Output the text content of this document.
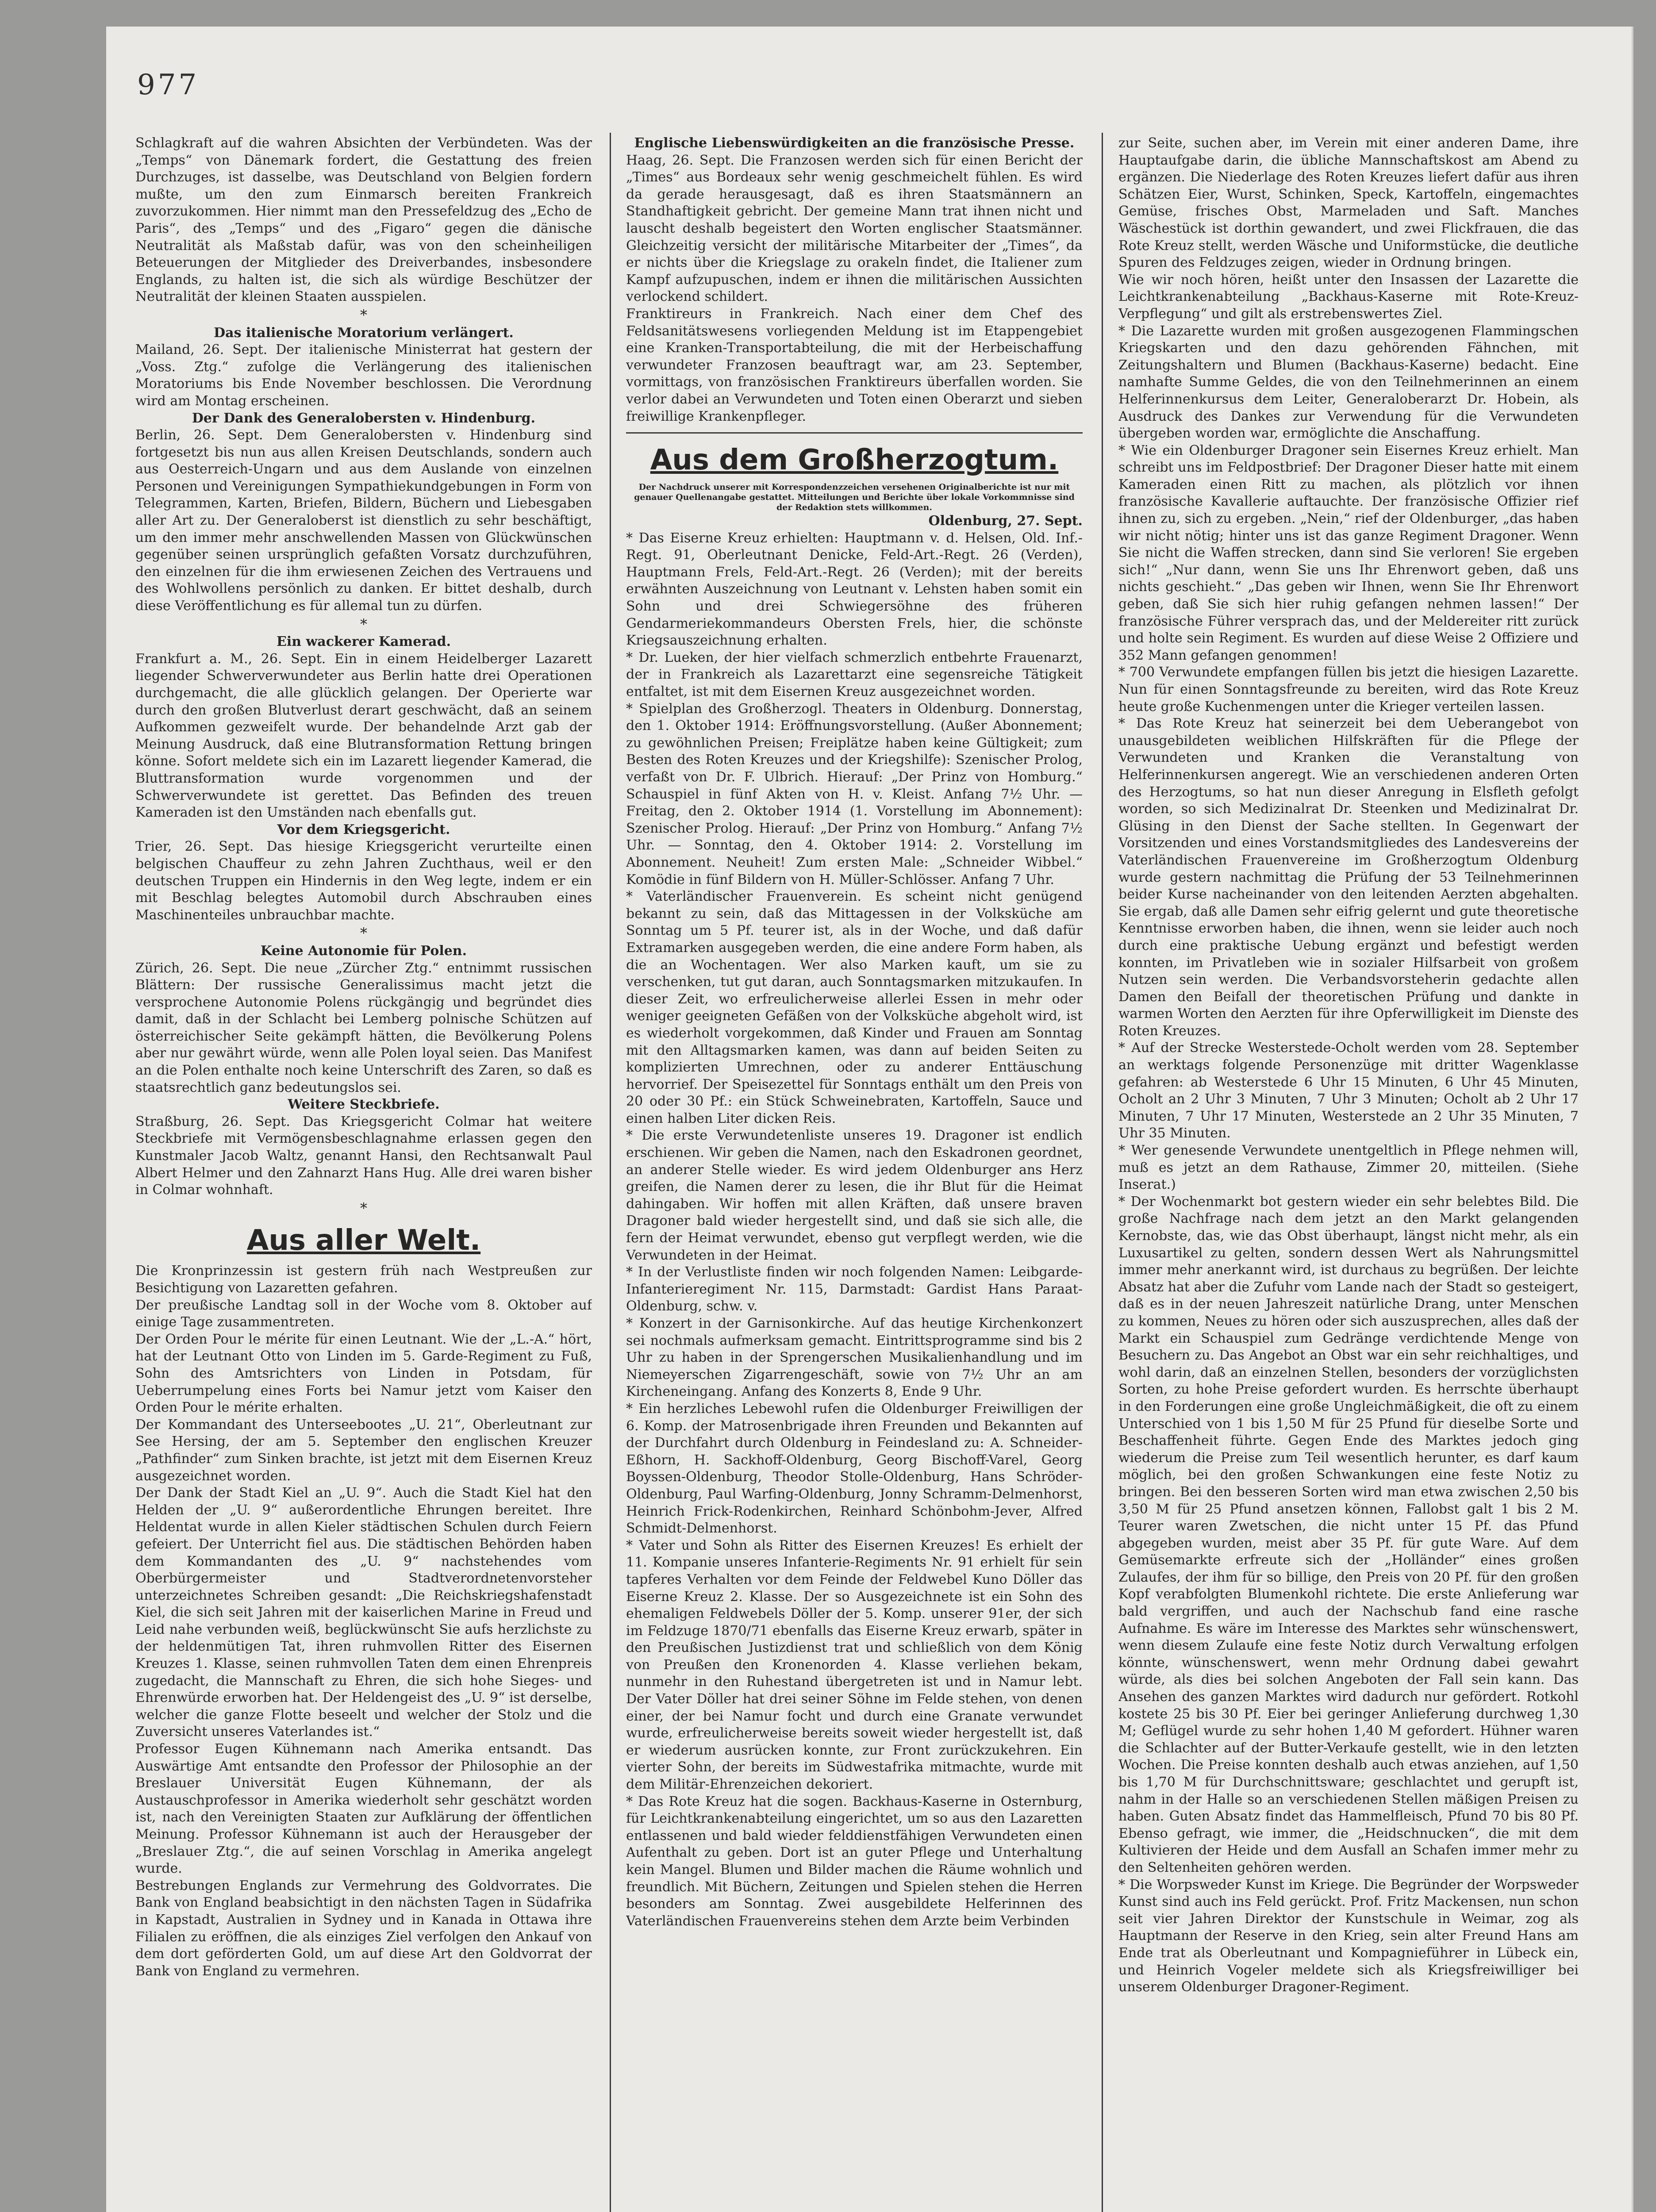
977

Schlagkraft auf die wahren Absichten der Verbündeten. Was der „Temps“ von Dänemark fordert, die Gestattung des freien Durchzuges, ist dasselbe, was Deutschland von Belgien fordern mußte, um den zum Einmarsch bereiten Frankreich zuvorzukommen. Hier nimmt man den Pressefeldzug des „Echo de Paris“, des „Temps“ und des „Figaro“ gegen die dänische Neutralität als Maßstab dafür, was von den scheinheiligen Beteuerungen der Mitglieder des Dreiverbandes, insbesondere Englands, zu halten ist, die sich als würdige Beschützer der Neutralität der kleinen Staaten ausspielen.

*

Das italienische Moratorium verlängert.

Mailand, 26. Sept. Der italienische Ministerrat hat gestern der „Voss. Ztg.“ zufolge die Verlängerung des italienischen Moratoriums bis Ende November beschlossen. Die Verordnung wird am Montag erscheinen.

Der Dank des Generalobersten v. Hindenburg.

Berlin, 26. Sept. Dem Generalobersten v. Hindenburg sind fortgesetzt bis nun aus allen Kreisen Deutschlands, sondern auch aus Oesterreich-Ungarn und aus dem Auslande von einzelnen Personen und Vereinigungen Sympathiekundgebungen in Form von Telegrammen, Karten, Briefen, Bildern, Büchern und Liebesgaben aller Art zu. Der Generaloberst ist dienstlich zu sehr beschäftigt, um den immer mehr anschwellenden Massen von Glückwünschen gegenüber seinen ursprünglich gefaßten Vorsatz durchzuführen, den einzelnen für die ihm erwiesenen Zeichen des Vertrauens und des Wohlwollens persönlich zu danken. Er bittet deshalb, durch diese Veröffentlichung es für allemal tun zu dürfen.

*

Ein wackerer Kamerad.

Frankfurt a. M., 26. Sept. Ein in einem Heidelberger Lazarett liegender Schwerverwundeter aus Berlin hatte drei Operationen durchgemacht, die alle glücklich gelangen. Der Operierte war durch den großen Blutverlust derart geschwächt, daß an seinem Aufkommen gezweifelt wurde. Der behandelnde Arzt gab der Meinung Ausdruck, daß eine Blutransformation Rettung bringen könne. Sofort meldete sich ein im Lazarett liegender Kamerad, die Bluttransformation wurde vorgenommen und der Schwerverwundete ist gerettet. Das Befinden des treuen Kameraden ist den Umständen nach ebenfalls gut.

Vor dem Kriegsgericht.

Trier, 26. Sept. Das hiesige Kriegsgericht verurteilte einen belgischen Chauffeur zu zehn Jahren Zuchthaus, weil er den deutschen Truppen ein Hindernis in den Weg legte, indem er ein mit Beschlag belegtes Automobil durch Abschrauben eines Maschinenteiles unbrauchbar machte.

*

Keine Autonomie für Polen.

Zürich, 26. Sept. Die neue „Zürcher Ztg.“ entnimmt russischen Blättern: Der russische Generalissimus macht jetzt die versprochene Autonomie Polens rückgängig und begründet dies damit, daß in der Schlacht bei Lemberg polnische Schützen auf österreichischer Seite gekämpft hätten, die Bevölkerung Polens aber nur gewährt würde, wenn alle Polen loyal seien. Das Manifest an die Polen enthalte noch keine Unterschrift des Zaren, so daß es staatsrechtlich ganz bedeutungslos sei.

Weitere Steckbriefe.

Straßburg, 26. Sept. Das Kriegsgericht Colmar hat weitere Steckbriefe mit Vermögensbeschlagnahme erlassen gegen den Kunstmaler Jacob Waltz, genannt Hansi, den Rechtsanwalt Paul Albert Helmer und den Zahnarzt Hans Hug. Alle drei waren bisher in Colmar wohnhaft.

*
Aus aller Welt.

Die Kronprinzessin ist gestern früh nach Westpreußen zur Besichtigung von Lazaretten gefahren.

Der preußische Landtag soll in der Woche vom 8. Oktober auf einige Tage zusammentreten.

Der Orden Pour le mérite für einen Leutnant. Wie der „L.-A.“ hört, hat der Leutnant Otto von Linden im 5. Garde-Regiment zu Fuß, Sohn des Amtsrichters von Linden in Potsdam, für Ueberrumpelung eines Forts bei Namur jetzt vom Kaiser den Orden Pour le mérite erhalten.

Der Kommandant des Unterseebootes „U. 21“, Oberleutnant zur See Hersing, der am 5. September den englischen Kreuzer „Pathfinder“ zum Sinken brachte, ist jetzt mit dem Eisernen Kreuz ausgezeichnet worden.

Der Dank der Stadt Kiel an „U. 9“. Auch die Stadt Kiel hat den Helden der „U. 9“ außerordentliche Ehrungen bereitet. Ihre Heldentat wurde in allen Kieler städtischen Schulen durch Feiern gefeiert. Der Unterricht fiel aus. Die städtischen Behörden haben dem Kommandanten des „U. 9“ nachstehendes vom Oberbürgermeister und Stadtverordnetenvorsteher unterzeichnetes Schreiben gesandt: „Die Reichskriegshafenstadt Kiel, die sich seit Jahren mit der kaiserlichen Marine in Freud und Leid nahe verbunden weiß, beglückwünscht Sie aufs herzlichste zu der heldenmütigen Tat, ihren ruhmvollen Ritter des Eisernen Kreuzes 1. Klasse, seinen ruhmvollen Taten dem einen Ehrenpreis zugedacht, die Mannschaft zu Ehren, die sich hohe Sieges- und Ehrenwürde erworben hat. Der Heldengeist des „U. 9“ ist derselbe, welcher die ganze Flotte beseelt und welcher der Stolz und die Zuversicht unseres Vaterlandes ist.“

Professor Eugen Kühnemann nach Amerika entsandt. Das Auswärtige Amt entsandte den Professor der Philosophie an der Breslauer Universität Eugen Kühnemann, der als Austauschprofessor in Amerika wiederholt sehr geschätzt worden ist, nach den Vereinigten Staaten zur Aufklärung der öffentlichen Meinung. Professor Kühnemann ist auch der Herausgeber der „Breslauer Ztg.“, die auf seinen Vorschlag in Amerika angelegt wurde.

Bestrebungen Englands zur Vermehrung des Goldvorrates. Die Bank von England beabsichtigt in den nächsten Tagen in Südafrika in Kapstadt, Australien in Sydney und in Kanada in Ottawa ihre Filialen zu eröffnen, die als einziges Ziel verfolgen den Ankauf von dem dort geförderten Gold, um auf diese Art den Goldvorrat der Bank von England zu vermehren.

Englische Liebenswürdigkeiten an die französische Presse.

Haag, 26. Sept. Die Franzosen werden sich für einen Bericht der „Times“ aus Bordeaux sehr wenig geschmeichelt fühlen. Es wird da gerade herausgesagt, daß es ihren Staatsmännern an Standhaftigkeit gebricht. Der gemeine Mann trat ihnen nicht und lauscht deshalb begeistert den Worten englischer Staatsmänner. Gleichzeitig versicht der militärische Mitarbeiter der „Times“, da er nichts über die Kriegslage zu orakeln findet, die Italiener zum Kampf aufzupuschen, indem er ihnen die militärischen Aussichten verlockend schildert.

Franktireurs in Frankreich. Nach einer dem Chef des Feldsanitätswesens vorliegenden Meldung ist im Etappengebiet eine Kranken-Transportabteilung, die mit der Herbeischaffung verwundeter Franzosen beauftragt war, am 23. September, vormittags, von französischen Franktireurs überfallen worden. Sie verlor dabei an Verwundeten und Toten einen Oberarzt und sieben freiwillige Krankenpfleger.

Aus dem Großherzogtum.

Der Nachdruck unserer mit Korrespondenzzeichen versehenen Originalberichte ist nur mit genauer Quellenangabe gestattet. Mitteilungen und Berichte über lokale Vorkommnisse sind der Redaktion stets willkommen.

Oldenburg, 27. Sept.

* Das Eiserne Kreuz erhielten: Hauptmann v. d. Helsen, Old. Inf.-Regt. 91, Oberleutnant Denicke, Feld-Art.-Regt. 26 (Verden), Hauptmann Frels, Feld-Art.-Regt. 26 (Verden); mit der bereits erwähnten Auszeichnung von Leutnant v. Lehsten haben somit ein Sohn und drei Schwiegersöhne des früheren Gendarmeriekommandeurs Obersten Frels, hier, die schönste Kriegsauszeichnung erhalten.

* Dr. Lueken, der hier vielfach schmerzlich entbehrte Frauenarzt, der in Frankreich als Lazarettarzt eine segensreiche Tätigkeit entfaltet, ist mit dem Eisernen Kreuz ausgezeichnet worden.

* Spielplan des Großherzogl. Theaters in Oldenburg. Donnerstag, den 1. Oktober 1914: Eröffnungsvorstellung. (Außer Abonnement; zu gewöhnlichen Preisen; Freiplätze haben keine Gültigkeit; zum Besten des Roten Kreuzes und der Kriegshilfe): Szenischer Prolog, verfaßt von Dr. F. Ulbrich. Hierauf: „Der Prinz von Homburg.“ Schauspiel in fünf Akten von H. v. Kleist. Anfang 7½ Uhr. — Freitag, den 2. Oktober 1914 (1. Vorstellung im Abonnement): Szenischer Prolog. Hierauf: „Der Prinz von Homburg.“ Anfang 7½ Uhr. — Sonntag, den 4. Oktober 1914: 2. Vorstellung im Abonnement. Neuheit! Zum ersten Male: „Schneider Wibbel.“ Komödie in fünf Bildern von H. Müller-Schlösser. Anfang 7 Uhr.

* Vaterländischer Frauenverein. Es scheint nicht genügend bekannt zu sein, daß das Mittagessen in der Volksküche am Sonntag um 5 Pf. teurer ist, als in der Woche, und daß dafür Extramarken ausgegeben werden, die eine andere Form haben, als die an Wochentagen. Wer also Marken kauft, um sie zu verschenken, tut gut daran, auch Sonntagsmarken mitzukaufen. In dieser Zeit, wo erfreulicherweise allerlei Essen in mehr oder weniger geeigneten Gefäßen von der Volksküche abgeholt wird, ist es wiederholt vorgekommen, daß Kinder und Frauen am Sonntag mit den Alltagsmarken kamen, was dann auf beiden Seiten zu komplizierten Umrechnen, oder zu anderer Enttäuschung hervorrief. Der Speisezettel für Sonntags enthält um den Preis von 20 oder 30 Pf.: ein Stück Schweinebraten, Kartoffeln, Sauce und einen halben Liter dicken Reis.

* Die erste Verwundetenliste unseres 19. Dragoner ist endlich erschienen. Wir geben die Namen, nach den Eskadronen geordnet, an anderer Stelle wieder. Es wird jedem Oldenburger ans Herz greifen, die Namen derer zu lesen, die ihr Blut für die Heimat dahingaben. Wir hoffen mit allen Kräften, daß unsere braven Dragoner bald wieder hergestellt sind, und daß sie sich alle, die fern der Heimat verwundet, ebenso gut verpflegt werden, wie die Verwundeten in der Heimat.

* In der Verlustliste finden wir noch folgenden Namen: Leibgarde-Infanterieregiment Nr. 115, Darmstadt: Gardist Hans Paraat-Oldenburg, schw. v.

* Konzert in der Garnisonkirche. Auf das heutige Kirchenkonzert sei nochmals aufmerksam gemacht. Eintrittsprogramme sind bis 2 Uhr zu haben in der Sprengerschen Musikalienhandlung und im Niemeyerschen Zigarrengeschäft, sowie von 7½ Uhr an am Kircheneingang. Anfang des Konzerts 8, Ende 9 Uhr.

* Ein herzliches Lebewohl rufen die Oldenburger Freiwilligen der 6. Komp. der Matrosenbrigade ihren Freunden und Bekannten auf der Durchfahrt durch Oldenburg in Feindesland zu: A. Schneider-Eßhorn, H. Sackhoff-Oldenburg, Georg Bischoff-Varel, Georg Boyssen-Oldenburg, Theodor Stolle-Oldenburg, Hans Schröder-Oldenburg, Paul Warfing-Oldenburg, Jonny Schramm-Delmenhorst, Heinrich Frick-Rodenkirchen, Reinhard Schönbohm-Jever, Alfred Schmidt-Delmenhorst.

* Vater und Sohn als Ritter des Eisernen Kreuzes! Es erhielt der 11. Kompanie unseres Infanterie-Regiments Nr. 91 erhielt für sein tapferes Verhalten vor dem Feinde der Feldwebel Kuno Döller das Eiserne Kreuz 2. Klasse. Der so Ausgezeichnete ist ein Sohn des ehemaligen Feldwebels Döller der 5. Komp. unserer 91er, der sich im Feldzuge 1870/71 ebenfalls das Eiserne Kreuz erwarb, später in den Preußischen Justizdienst trat und schließlich von dem König von Preußen den Kronenorden 4. Klasse verliehen bekam, nunmehr in den Ruhestand übergetreten ist und in Namur lebt. Der Vater Döller hat drei seiner Söhne im Felde stehen, von denen einer, der bei Namur focht und durch eine Granate verwundet wurde, erfreulicherweise bereits soweit wieder hergestellt ist, daß er wiederum ausrücken konnte, zur Front zurückzukehren. Ein vierter Sohn, der bereits im Südwestafrika mitmachte, wurde mit dem Militär-Ehrenzeichen dekoriert.

* Das Rote Kreuz hat die sogen. Backhaus-Kaserne in Osternburg, für Leichtkrankenabteilung eingerichtet, um so aus den Lazaretten entlassenen und bald wieder felddienstfähigen Verwundeten einen Aufenthalt zu geben. Dort ist an guter Pflege und Unterhaltung kein Mangel. Blumen und Bilder machen die Räume wohnlich und freundlich. Mit Büchern, Zeitungen und Spielen stehen die Herren besonders am Sonntag. Zwei ausgebildete Helferinnen des Vaterländischen Frauenvereins stehen dem Arzte beim Verbinden

zur Seite, suchen aber, im Verein mit einer anderen Dame, ihre Hauptaufgabe darin, die übliche Mannschaftskost am Abend zu ergänzen. Die Niederlage des Roten Kreuzes liefert dafür aus ihren Schätzen Eier, Wurst, Schinken, Speck, Kartoffeln, eingemachtes Gemüse, frisches Obst, Marmeladen und Saft. Manches Wäschestück ist dorthin gewandert, und zwei Flickfrauen, die das Rote Kreuz stellt, werden Wäsche und Uniformstücke, die deutliche Spuren des Feldzuges zeigen, wieder in Ordnung bringen.

Wie wir noch hören, heißt unter den Insassen der Lazarette die Leichtkrankenabteilung „Backhaus-Kaserne mit Rote-Kreuz-Verpflegung“ und gilt als erstrebenswertes Ziel.

* Die Lazarette wurden mit großen ausgezogenen Flammingschen Kriegskarten und den dazu gehörenden Fähnchen, mit Zeitungshaltern und Blumen (Backhaus-Kaserne) bedacht. Eine namhafte Summe Geldes, die von den Teilnehmerinnen an einem Helferinnenkursus dem Leiter, Generaloberarzt Dr. Hobein, als Ausdruck des Dankes zur Verwendung für die Verwundeten übergeben worden war, ermöglichte die Anschaffung.

* Wie ein Oldenburger Dragoner sein Eisernes Kreuz erhielt. Man schreibt uns im Feldpostbrief: Der Dragoner Dieser hatte mit einem Kameraden einen Ritt zu machen, als plötzlich vor ihnen französische Kavallerie auftauchte. Der französische Offizier rief ihnen zu, sich zu ergeben. „Nein,“ rief der Oldenburger, „das haben wir nicht nötig; hinter uns ist das ganze Regiment Dragoner. Wenn Sie nicht die Waffen strecken, dann sind Sie verloren! Sie ergeben sich!“ „Nur dann, wenn Sie uns Ihr Ehrenwort geben, daß uns nichts geschieht.“ „Das geben wir Ihnen, wenn Sie Ihr Ehrenwort geben, daß Sie sich hier ruhig gefangen nehmen lassen!“ Der französische Führer versprach das, und der Meldereiter ritt zurück und holte sein Regiment. Es wurden auf diese Weise 2 Offiziere und 352 Mann gefangen genommen!

* 700 Verwundete empfangen füllen bis jetzt die hiesigen Lazarette. Nun für einen Sonntagsfreunde zu bereiten, wird das Rote Kreuz heute große Kuchenmengen unter die Krieger verteilen lassen.

* Das Rote Kreuz hat seinerzeit bei dem Ueberangebot von unausgebildeten weiblichen Hilfskräften für die Pflege der Verwundeten und Kranken die Veranstaltung von Helferinnenkursen angeregt. Wie an verschiedenen anderen Orten des Herzogtums, so hat nun dieser Anregung in Elsfleth gefolgt worden, so sich Medizinalrat Dr. Steenken und Medizinalrat Dr. Glüsing in den Dienst der Sache stellten. In Gegenwart der Vorsitzenden und eines Vorstandsmitgliedes des Landesvereins der Vaterländischen Frauenvereine im Großherzogtum Oldenburg wurde gestern nachmittag die Prüfung der 53 Teilnehmerinnen beider Kurse nacheinander von den leitenden Aerzten abgehalten. Sie ergab, daß alle Damen sehr eifrig gelernt und gute theoretische Kenntnisse erworben haben, die ihnen, wenn sie leider auch noch durch eine praktische Uebung ergänzt und befestigt werden konnten, im Privatleben wie in sozialer Hilfsarbeit von großem Nutzen sein werden. Die Verbandsvorsteherin gedachte allen Damen den Beifall der theoretischen Prüfung und dankte in warmen Worten den Aerzten für ihre Opferwilligkeit im Dienste des Roten Kreuzes.

* Auf der Strecke Westerstede-Ocholt werden vom 28. September an werktags folgende Personenzüge mit dritter Wagenklasse gefahren: ab Westerstede 6 Uhr 15 Minuten, 6 Uhr 45 Minuten, Ocholt an 2 Uhr 3 Minuten, 7 Uhr 3 Minuten; Ocholt ab 2 Uhr 17 Minuten, 7 Uhr 17 Minuten, Westerstede an 2 Uhr 35 Minuten, 7 Uhr 35 Minuten.

* Wer genesende Verwundete unentgeltlich in Pflege nehmen will, muß es jetzt an dem Rathause, Zimmer 20, mitteilen. (Siehe Inserat.)

* Der Wochenmarkt bot gestern wieder ein sehr belebtes Bild. Die große Nachfrage nach dem jetzt an den Markt gelangenden Kernobste, das, wie das Obst überhaupt, längst nicht mehr, als ein Luxusartikel zu gelten, sondern dessen Wert als Nahrungsmittel immer mehr anerkannt wird, ist durchaus zu begrüßen. Der leichte Absatz hat aber die Zufuhr vom Lande nach der Stadt so gesteigert, daß es in der neuen Jahreszeit natürliche Drang, unter Menschen zu kommen, Neues zu hören oder sich auszusprechen, alles daß der Markt ein Schauspiel zum Gedränge verdichtende Menge von Besuchern zu. Das Angebot an Obst war ein sehr reichhaltiges, und wohl darin, daß an einzelnen Stellen, besonders der vorzüglichsten Sorten, zu hohe Preise gefordert wurden. Es herrschte überhaupt in den Forderungen eine große Ungleichmäßigkeit, die oft zu einem Unterschied von 1 bis 1,50 M für 25 Pfund für dieselbe Sorte und Beschaffenheit führte. Gegen Ende des Marktes jedoch ging wiederum die Preise zum Teil wesentlich herunter, es darf kaum möglich, bei den großen Schwankungen eine feste Notiz zu bringen. Bei den besseren Sorten wird man etwa zwischen 2,50 bis 3,50 M für 25 Pfund ansetzen können, Fallobst galt 1 bis 2 M. Teurer waren Zwetschen, die nicht unter 15 Pf. das Pfund abgegeben wurden, meist aber 35 Pf. für gute Ware. Auf dem Gemüsemarkte erfreute sich der „Holländer“ eines großen Zulaufes, der ihm für so billige, den Preis von 20 Pf. für den großen Kopf verabfolgten Blumenkohl richtete. Die erste Anlieferung war bald vergriffen, und auch der Nachschub fand eine rasche Aufnahme. Es wäre im Interesse des Marktes sehr wünschenswert, wenn diesem Zulaufe eine feste Notiz durch Verwaltung erfolgen könnte, wünschenswert, wenn mehr Ordnung dabei gewahrt würde, als dies bei solchen Angeboten der Fall sein kann. Das Ansehen des ganzen Marktes wird dadurch nur gefördert. Rotkohl kostete 25 bis 30 Pf. Eier bei geringer Anlieferung durchweg 1,30 M; Geflügel wurde zu sehr hohen 1,40 M gefordert. Hühner waren die Schlachter auf der Butter-Verkaufe gestellt, wie in den letzten Wochen. Die Preise konnten deshalb auch etwas anziehen, auf 1,50 bis 1,70 M für Durchschnittsware; geschlachtet und gerupft ist, nahm in der Halle so an verschiedenen Stellen mäßigen Preisen zu haben. Guten Absatz findet das Hammelfleisch, Pfund 70 bis 80 Pf. Ebenso gefragt, wie immer, die „Heidschnucken“, die mit dem Kultivieren der Heide und dem Ausfall an Schafen immer mehr zu den Seltenheiten gehören werden.

* Die Worpsweder Kunst im Kriege. Die Begründer der Worpsweder Kunst sind auch ins Feld gerückt. Prof. Fritz Mackensen, nun schon seit vier Jahren Direktor der Kunstschule in Weimar, zog als Hauptmann der Reserve in den Krieg, sein alter Freund Hans am Ende trat als Oberleutnant und Kompagnieführer in Lübeck ein, und Heinrich Vogeler meldete sich als Kriegsfreiwilliger bei unserem Oldenburger Dragoner-Regiment.
